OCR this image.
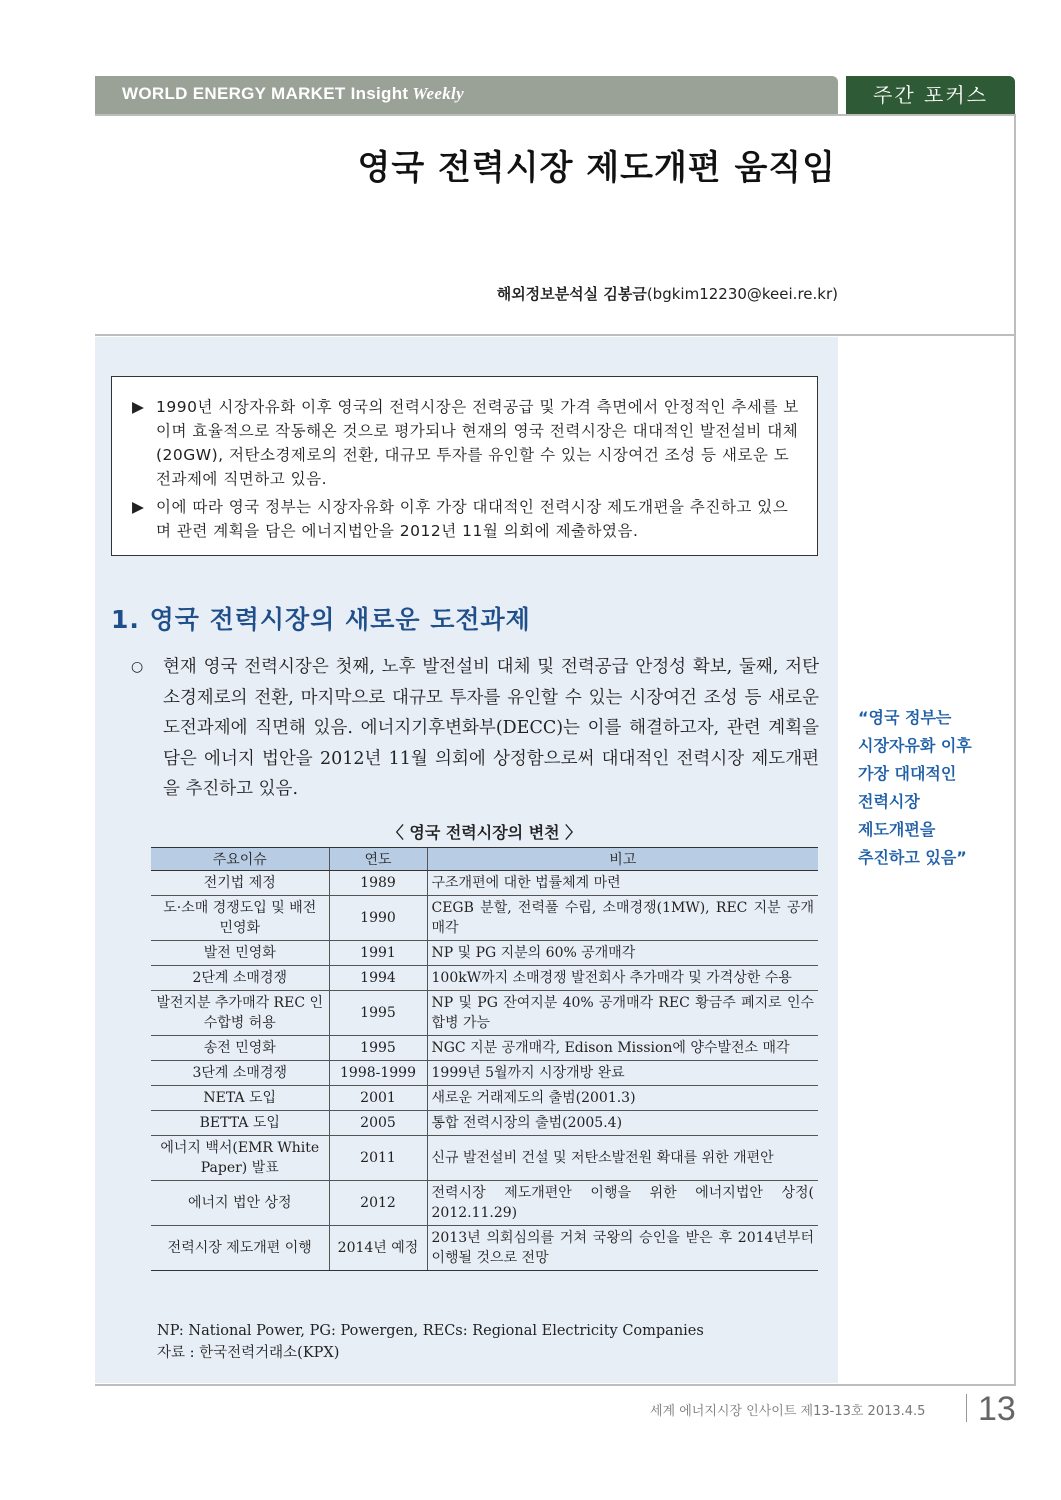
WORLD ENERGY MARKET Insight Weekly	주간 포커스
영국 전력시장 제도개편 움직임
해외정보분석실 김봉금(bgkim12230@keei.re.kr)

▶ 1990년 시장자유화 이후 영국의 전력시장은 전력공급 및 가격 측면에서 안정적인 추세를 보이며 효율적으로 작동해온 것으로 평가되나 현재의 영국 전력시장은 대대적인 발전설비 대체(20GW), 저탄소경제로의 전환, 대규모 투자를 유인할 수 있는 시장여건 조성 등 새로운 도전과제에 직면하고 있음.

▶ 이에 따라 영국 정부는 시장자유화 이후 가장 대대적인 전력시장 제도개편을 추진하고 있으며 관련 계획을 담은 에너지법안을 2012년 11월 의회에 제출하였음.

1. 영국 전력시장의 새로운 도전과제
○ 현재 영국 전력시장은 첫째, 노후 발전설비 대체 및 전력공급 안정성 확보, 둘째, 저탄소경제로의 전환, 마지막으로 대규모 투자를 유인할 수 있는 시장여건 조성 등 새로운 도전과제에 직면해 있음. 에너지기후변화부(DECC)는 이를 해결하고자, 관련 계획을 담은 에너지 법안을 2012년 11월 의회에 상정함으로써 대대적인 전력시장 제도개편을 추진하고 있음.
〈 영국 전력시장의 변천 〉
주요이슈	연도	비고
전기법 제정	1989	구조개편에 대한 법률체계 마련
도·소매 경쟁도입 및 배전 민영화	1990	CEGB 분할, 전력풀 수립, 소매경쟁(1MW), REC 지분 공개매각
발전 민영화	1991	NP 및 PG 지분의 60% 공개매각
2단계 소매경쟁	1994	100kW까지 소매경쟁 발전회사 추가매각 및 가격상한 수용
발전지분 추가매각 REC 인수합병 허용	1995	NP 및 PG 잔여지분 40% 공개매각 REC 황금주 폐지로 인수합병 가능
송전 민영화	1995	NGC 지분 공개매각, Edison Mission에 양수발전소 매각
3단계 소매경쟁	1998-1999	1999년 5월까지 시장개방 완료
NETA 도입	2001	새로운 거래제도의 출범(2001.3)
BETTA 도입	2005	통합 전력시장의 출범(2005.4)
에너지 백서(EMR White Paper) 발표	2011	신규 발전설비 건설 및 저탄소발전원 확대를 위한 개편안
에너지 법안 상정	2012	전력시장 제도개편안 이행을 위한 에너지법안 상정( 2012.11.29)
전력시장 제도개편 이행	2014년 예정	2013년 의회심의를 거쳐 국왕의 승인을 받은 후 2014년부터 이행될 것으로 전망
NP: National Power, PG: Powergen, RECs: Regional Electricity Companies
자료 : 한국전력거래소(KPX)
“영국 정부는
시장자유화 이후
가장 대대적인
전력시장
제도개편을
추진하고 있음”
세계 에너지시장 인사이트 제13-13호 2013.4.5 13
